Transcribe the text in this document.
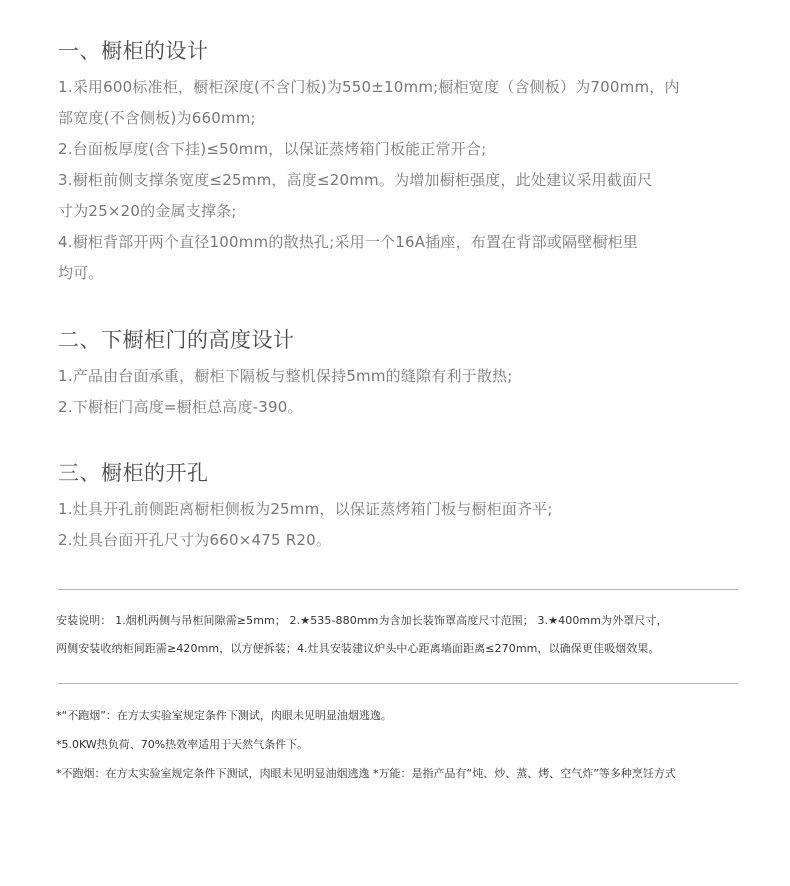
一、橱柜的设计

1.采用600标准柜，橱柜深度(不含门板)为550±10mm;橱柜宽度（含侧板）为700mm，内

部宽度(不含侧板)为660mm;

2.台面板厚度(含下挂)≤50mm，以保证蒸烤箱门板能正常开合;

3.橱柜前侧支撑条宽度≤25mm，高度≤20mm。为增加橱柜强度，此处建议采用截面尺

寸为25×20的金属支撑条;

4.橱柜背部开两个直径100mm的散热孔;采用一个16A插座，布置在背部或隔壁橱柜里

均可。

二、下橱柜门的高度设计

1.产品由台面承重，橱柜下隔板与整机保持5mm的缝隙有利于散热;

2.下橱柜门高度=橱柜总高度-390。

三、橱柜的开孔

1.灶具开孔前侧距离橱柜侧板为25mm，以保证蒸烤箱门板与橱柜面齐平;

2.灶具台面开孔尺寸为660×475 R20。

安装说明： 1.烟机两侧与吊柜间隙需≥5mm； 2.★535-880mm为含加长装饰罩高度尺寸范围； 3.★400mm为外罩尺寸，

两侧安装收纳柜间距需≥420mm，以方便拆装；4.灶具安装建议炉头中心距离墙面距离≤270mm，以确保更佳吸烟效果。

*“不跑烟”：在方太实验室规定条件下测试，肉眼未见明显油烟逃逸。

*5.0KW热负荷、70%热效率适用于天然气条件下。

*不跑烟：在方太实验室规定条件下测试，肉眼未见明显油烟逃逸 *万能：是指产品有“炖、炒、蒸、烤、空气炸”等多种烹饪方式
